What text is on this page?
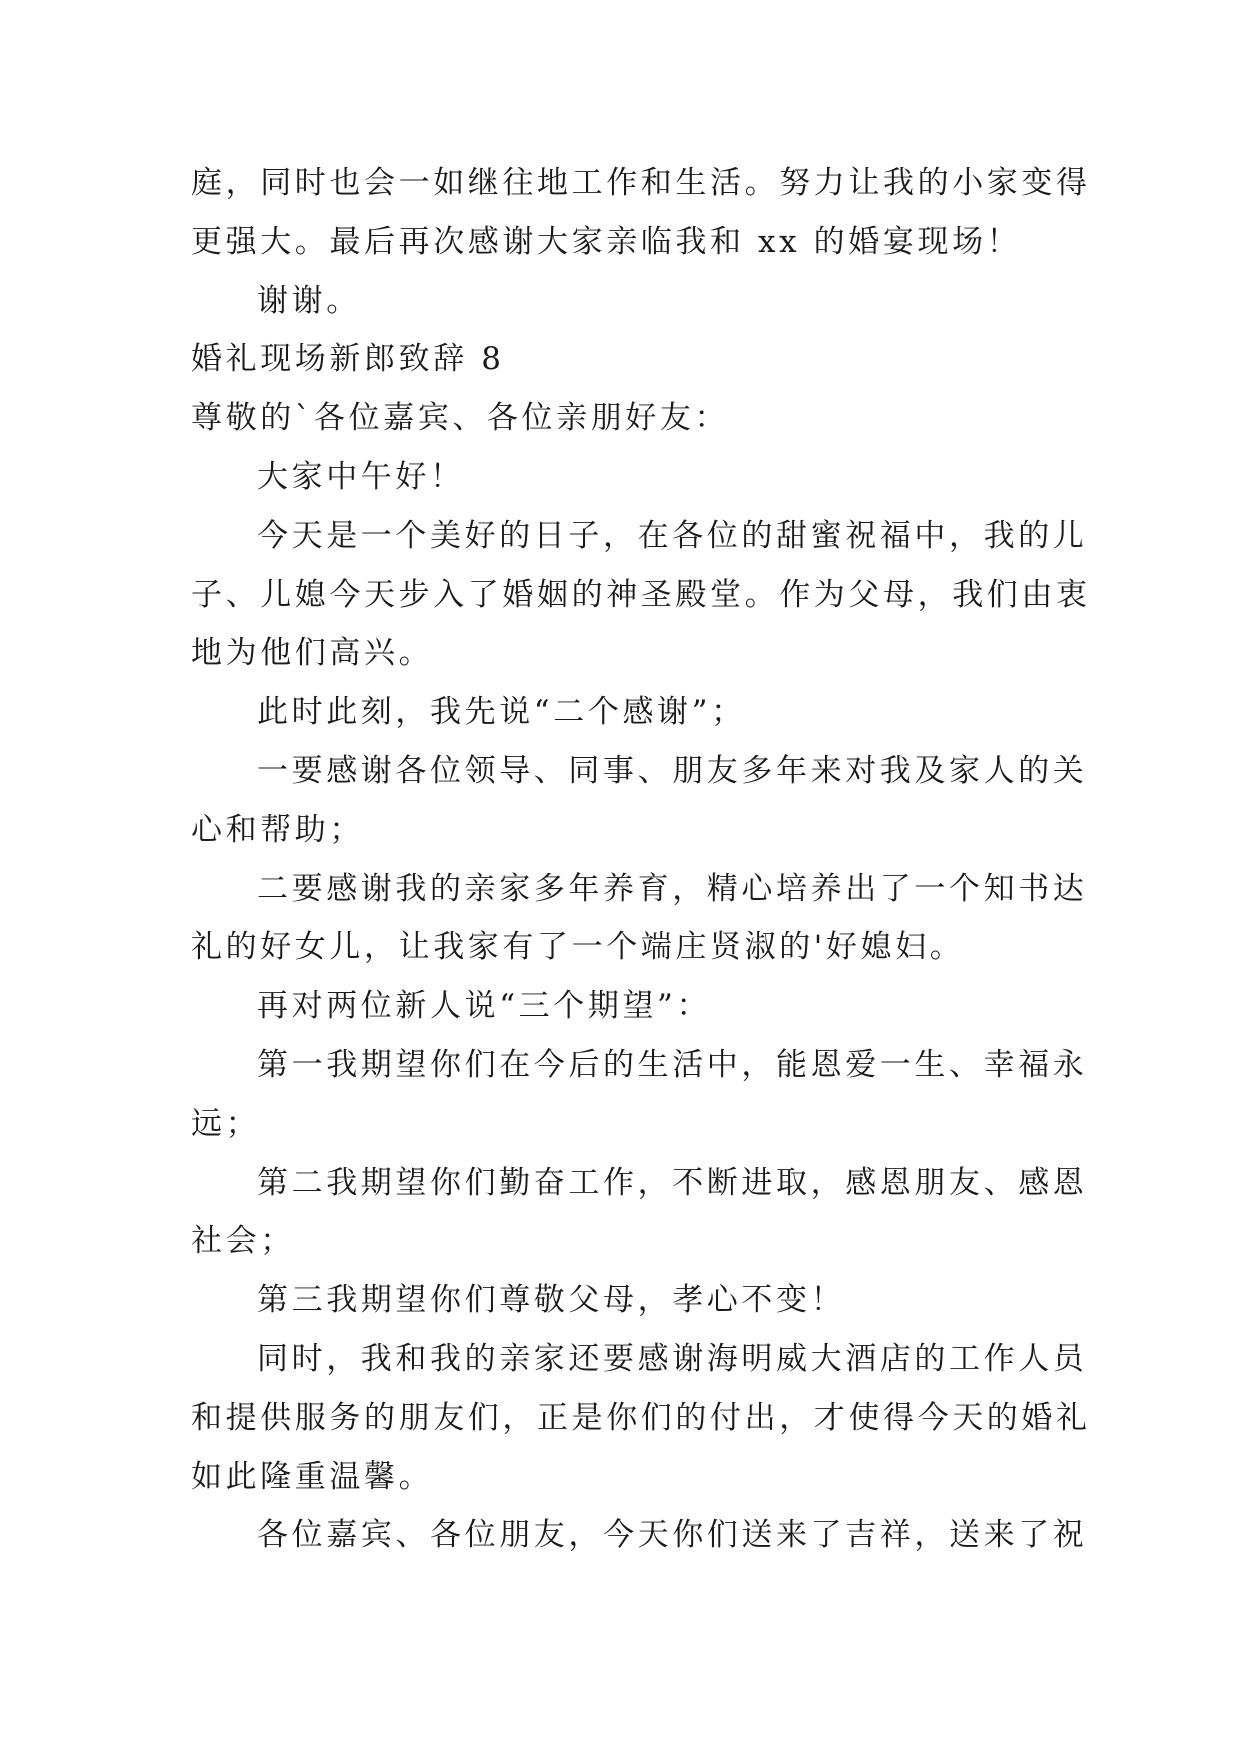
庭，同时也会一如继往地工作和生活。努力让我的小家变得
更强大。最后再次感谢大家亲临我和 xx 的婚宴现场！
谢谢。
婚礼现场新郎致辞 8
尊敬的`各位嘉宾、各位亲朋好友：
大家中午好！
今天是一个美好的日子，在各位的甜蜜祝福中，我的儿
子、儿媳今天步入了婚姻的神圣殿堂。作为父母，我们由衷
地为他们高兴。
此时此刻，我先说“二个感谢”；
一要感谢各位领导、同事、朋友多年来对我及家人的关
心和帮助；
二要感谢我的亲家多年养育，精心培养出了一个知书达
礼的好女儿，让我家有了一个端庄贤淑的'好媳妇。
再对两位新人说“三个期望”：
第一我期望你们在今后的生活中，能恩爱一生、幸福永
远；
第二我期望你们勤奋工作，不断进取，感恩朋友、感恩
社会；
第三我期望你们尊敬父母，孝心不变！
同时，我和我的亲家还要感谢海明威大酒店的工作人员
和提供服务的朋友们，正是你们的付出，才使得今天的婚礼
如此隆重温馨。
各位嘉宾、各位朋友，今天你们送来了吉祥，送来了祝
